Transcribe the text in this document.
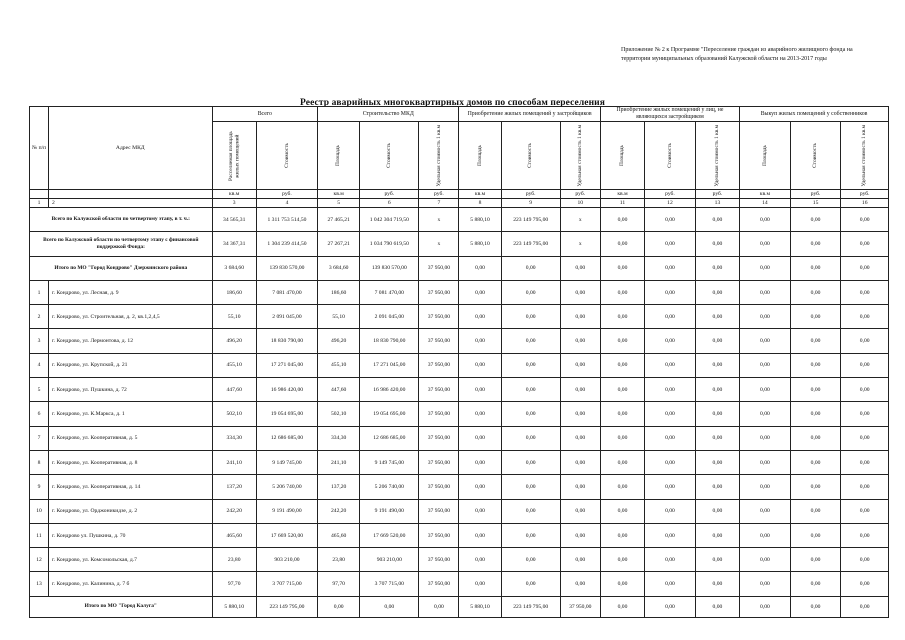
Приложение № 2 к Программе "Переселение граждан из аварийного жилищного фонда на территории муниципальных образований Калужской области на 2013-2017 годы
Реестр аварийных многоквартирных домов по способам переселения
№ п/п	Адрес МКД	Всего		Строительство МКД			Приобретение жилых помещений у застройщиков			Приобретение жилых помещений у лиц, не являющихся застройщиком			Выкуп жилых помещений у собственников		

		Расселяемая площадь жилых помещений	Стоимость	Площадь	Стоимость	Удельная стоимость 1 кв.м	Площадь	Стоимость	Удельная стоимость 1 кв.м	Площадь	Стоимость	Удельная стоимость 1 кв.м	Площадь	Стоимость	Удельная стоимость 1 кв.м

		кв.м	руб.	кв.м	руб.	руб.	кв.м	руб.	руб.	кв.м	руб.	руб.	кв.м	руб.	руб.
1	2	3	4	5	6	7	8	9	10	11	12	13	14	15	16
Всего по Калужской области по четвертому этапу, в т. ч.:		34 565,31	1 311 753 514,50	27 465,21	1 042 304 719,50	x	5 880,10	223 149 795,00	x	0,00	0,00	0,00	0,00	0,00	0,00
Всего по Калужской области по четвертому этапу с финансовой поддержкой Фонда:		34 367,31	1 304 239 414,50	27 267,21	1 034 790 619,50	x	5 880,10	223 149 795,00	x	0,00	0,00	0,00	0,00	0,00	0,00
Итого по МО "Город Кондрово" Дзержинского района		3 684,60	139 830 570,00	3 684,60	139 830 570,00	37 950,00	0,00	0,00	0,00	0,00	0,00	0,00	0,00	0,00	0,00
1	г. Кондрово, ул. Лесная, д. 9	186,60	7 081 470,00	186,60	7 081 470,00	37 950,00	0,00	0,00	0,00	0,00	0,00	0,00	0,00	0,00	0,00
2	г. Кондрово, ул. Строительная, д. 2, кв.1,2,4,5	55,10	2 091 045,00	55,10	2 091 045,00	37 950,00	0,00	0,00	0,00	0,00	0,00	0,00	0,00	0,00	0,00
3	г. Кондрово, ул. Лермонтова, д. 12	496,20	18 830 790,00	496,20	18 830 790,00	37 950,00	0,00	0,00	0,00	0,00	0,00	0,00	0,00	0,00	0,00
4	г. Кондрово, ул. Крупской, д. 21	455,10	17 271 045,00	455,10	17 271 045,00	37 950,00	0,00	0,00	0,00	0,00	0,00	0,00	0,00	0,00	0,00
5	г. Кондрово, ул. Пушкина, д. 72	447,60	16 986 420,00	447,60	16 986 420,00	37 950,00	0,00	0,00	0,00	0,00	0,00	0,00	0,00	0,00	0,00
6	г. Кондрово, ул. К.Маркса, д. 1	502,10	19 054 695,00	502,10	19 054 695,00	37 950,00	0,00	0,00	0,00	0,00	0,00	0,00	0,00	0,00	0,00
7	г. Кондрово, ул. Кооперативная, д. 5	334,30	12 686 685,00	334,30	12 686 685,00	37 950,00	0,00	0,00	0,00	0,00	0,00	0,00	0,00	0,00	0,00
8	г. Кондрово, ул. Кооперативная, д. 8	241,10	9 149 745,00	241,10	9 149 745,00	37 950,00	0,00	0,00	0,00	0,00	0,00	0,00	0,00	0,00	0,00
9	г. Кондрово, ул. Кооперативная, д. 14	137,20	5 206 740,00	137,20	5 206 740,00	37 950,00	0,00	0,00	0,00	0,00	0,00	0,00	0,00	0,00	0,00
10	г. Кондрово, ул. Орджоникидзе, д. 2	242,20	9 191 490,00	242,20	9 191 490,00	37 950,00	0,00	0,00	0,00	0,00	0,00	0,00	0,00	0,00	0,00
11	г. Кондрово ул. Пушкина, д. 70	465,60	17 669 520,00	465,60	17 669 520,00	37 950,00	0,00	0,00	0,00	0,00	0,00	0,00	0,00	0,00	0,00
12	г. Кондрово, ул. Комсомольская, д.7	23,80	903 210,00	23,80	903 210,00	37 950,00	0,00	0,00	0,00	0,00	0,00	0,00	0,00	0,00	0,00
13	г. Кондрово, ул. Калинина, д. 7 б	97,70	3 707 715,00	97,70	3 707 715,00	37 950,00	0,00	0,00	0,00	0,00	0,00	0,00	0,00	0,00	0,00
Итого по МО "Город Калуга"		5 880,10	223 149 795,00	0,00	0,00	0,00	5 880,10	223 149 795,00	37 950,00	0,00	0,00	0,00	0,00	0,00	0,00
